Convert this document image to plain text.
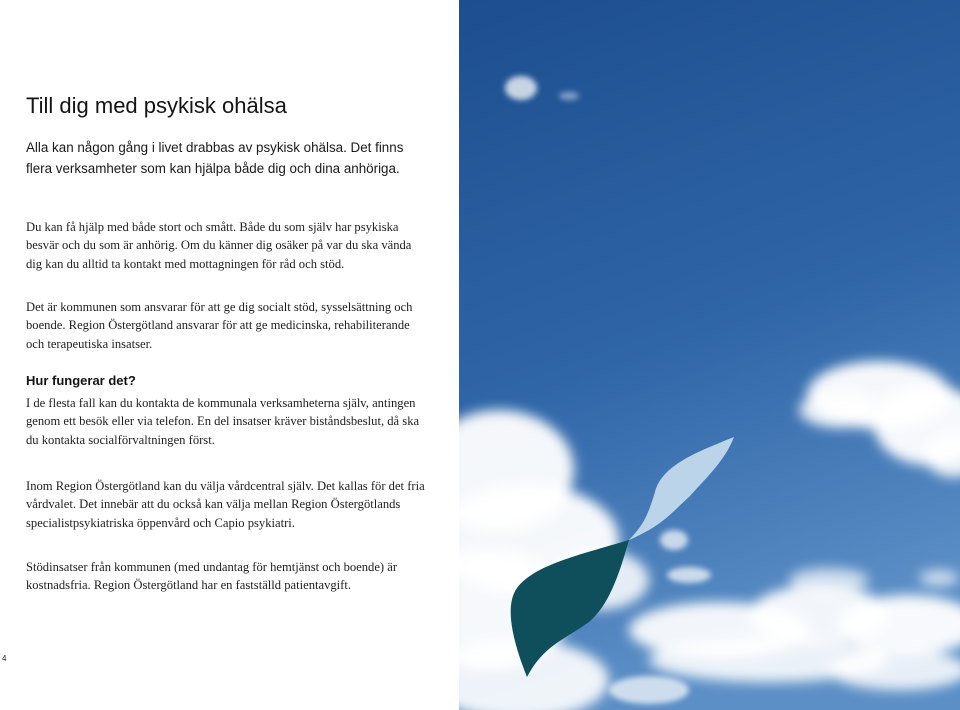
Till dig med psykisk ohälsa

Alla kan någon gång i livet drabbas av psykisk ohälsa. Det finns flera verksamheter som kan hjälpa både dig och dina anhöriga.

Du kan få hjälp med både stort och smått. Både du som själv har psykiska besvär och du som är anhörig. Om du känner dig osäker på var du ska vända dig kan du alltid ta kontakt med mottagningen för råd och stöd.

Det är kommunen som ansvarar för att ge dig socialt stöd, sysselsättning och boende. Region Östergötland ansvarar för att ge medicinska, rehabiliterande och terapeutiska insatser.

Hur fungerar det?

I de flesta fall kan du kontakta de kommunala verksamheterna själv, antingen genom ett besök eller via telefon. En del insatser kräver biståndsbeslut, då ska du kontakta socialförvaltningen först.

Inom Region Östergötland kan du välja vårdcentral själv. Det kallas för det fria vårdvalet. Det innebär att du också kan välja mellan Region Östergötlands specialistpsykiatriska öppenvård och Capio psykiatri.

Stödinsatser från kommunen (med undantag för hemtjänst och boende) är kostnadsfria. Region Östergötland har en fastställd patientavgift.

4
